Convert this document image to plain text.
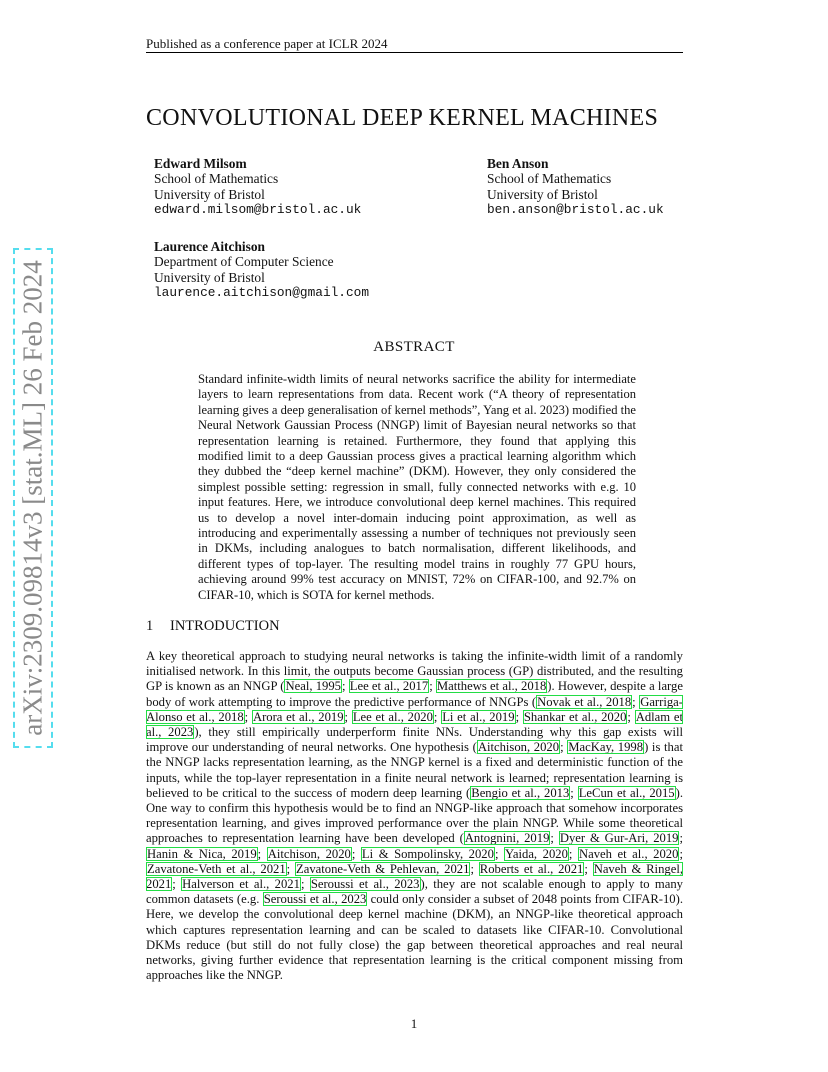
Published as a conference paper at ICLR 2024
arXiv:2309.09814v3 [stat.ML] 26 Feb 2024
CONVOLUTIONAL DEEP KERNEL MACHINES
Edward Milsom
School of Mathematics
University of Bristol
edward.milsom@bristol.ac.uk
Ben Anson
School of Mathematics
University of Bristol
ben.anson@bristol.ac.uk
Laurence Aitchison
Department of Computer Science
University of Bristol
laurence.aitchison@gmail.com
ABSTRACT

Standard infinite-width limits of neural networks sacrifice the ability for intermediate layers to learn representations from data. Recent work (“A theory of representation learning gives a deep generalisation of kernel methods”, Yang et al. 2023) modified the Neural Network Gaussian Process (NNGP) limit of Bayesian neural networks so that representation learning is retained. Furthermore, they found that applying this modified limit to a deep Gaussian process gives a practical learning algorithm which they dubbed the “deep kernel machine” (DKM). However, they only considered the simplest possible setting: regression in small, fully connected networks with e.g. 10 input features. Here, we introduce convolutional deep kernel machines. This required us to develop a novel inter-domain inducing point approximation, as well as introducing and experimentally assessing a number of techniques not previously seen in DKMs, including analogues to batch normalisation, different likelihoods, and different types of top-layer. The resulting model trains in roughly 77 GPU hours, achieving around 99% test accuracy on MNIST, 72% on CIFAR-100, and 92.7% on CIFAR-10, which is SOTA for kernel methods.

1 INTRODUCTION

A key theoretical approach to studying neural networks is taking the infinite-width limit of a randomly initialised network. In this limit, the outputs become Gaussian process (GP) distributed, and the resulting GP is known as an NNGP (Neal, 1995; Lee et al., 2017; Matthews et al., 2018). However, despite a large body of work attempting to improve the predictive performance of NNGPs (Novak et al., 2018; Garriga-Alonso et al., 2018; Arora et al., 2019; Lee et al., 2020; Li et al., 2019; Shankar et al., 2020; Adlam et al., 2023), they still empirically underperform finite NNs. Understanding why this gap exists will improve our understanding of neural networks. One hypothesis (Aitchison, 2020; MacKay, 1998) is that the NNGP lacks representation learning, as the NNGP kernel is a fixed and deterministic function of the inputs, while the top-layer representation in a finite neural network is learned; representation learning is believed to be critical to the success of modern deep learning (Bengio et al., 2013; LeCun et al., 2015). One way to confirm this hypothesis would be to find an NNGP-like approach that somehow incorporates representation learning, and gives improved performance over the plain NNGP. While some theoretical approaches to representation learning have been developed (Antognini, 2019; Dyer & Gur-Ari, 2019; Hanin & Nica, 2019; Aitchison, 2020; Li & Sompolinsky, 2020; Yaida, 2020; Naveh et al., 2020; Zavatone-Veth et al., 2021; Zavatone-Veth & Pehlevan, 2021; Roberts et al., 2021; Naveh & Ringel, 2021; Halverson et al., 2021; Seroussi et al., 2023), they are not scalable enough to apply to many common datasets (e.g. Seroussi et al., 2023 could only consider a subset of 2048 points from CIFAR-10). Here, we develop the convolutional deep kernel machine (DKM), an NNGP-like theoretical approach which captures representation learning and can be scaled to datasets like CIFAR-10. Convolutional DKMs reduce (but still do not fully close) the gap between theoretical approaches and real neural networks, giving further evidence that representation learning is the critical component missing from approaches like the NNGP.

1
